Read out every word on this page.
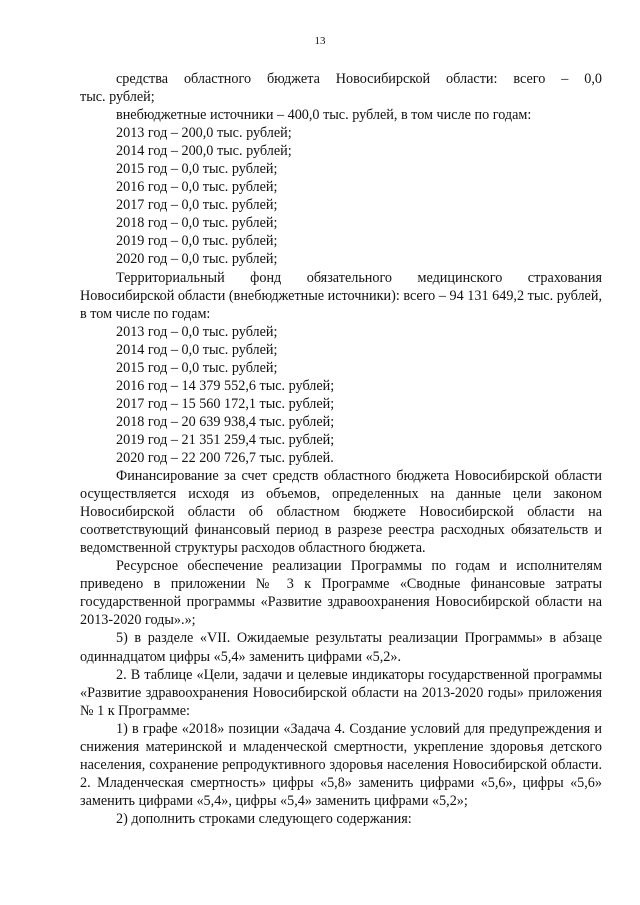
13

средства областного бюджета Новосибирской области: всего – 0,0

тыс. рублей;

внебюджетные источники – 400,0 тыс. рублей, в том числе по годам:

2013 год – 200,0 тыс. рублей;

2014 год – 200,0 тыс. рублей;

2015 год – 0,0 тыс. рублей;

2016 год – 0,0 тыс. рублей;

2017 год – 0,0 тыс. рублей;

2018 год – 0,0 тыс. рублей;

2019 год – 0,0 тыс. рублей;

2020 год – 0,0 тыс. рублей;

Территориальный фонд обязательного медицинского страхования Новосибирской области (внебюджетные источники): всего – 94 131 649,2 тыс. рублей, в том числе по годам:

2013 год – 0,0 тыс. рублей;

2014 год – 0,0 тыс. рублей;

2015 год – 0,0 тыс. рублей;

2016 год – 14 379 552,6 тыс. рублей;

2017 год – 15 560 172,1 тыс. рублей;

2018 год – 20 639 938,4 тыс. рублей;

2019 год – 21 351 259,4 тыс. рублей;

2020 год – 22 200 726,7 тыс. рублей.

Финансирование за счет средств областного бюджета Новосибирской области осуществляется исходя из объемов, определенных на данные цели законом Новосибирской области об областном бюджете Новосибирской области на соответствующий финансовый период в разрезе реестра расходных обязательств и ведомственной структуры расходов областного бюджета.

Ресурсное обеспечение реализации Программы по годам и исполнителям приведено в приложении № 3 к Программе «Сводные финансовые затраты государственной программы «Развитие здравоохранения Новосибирской области на 2013-2020 годы».»;

5) в разделе «VII. Ожидаемые результаты реализации Программы» в абзаце одиннадцатом цифры «5,4» заменить цифрами «5,2».

2. В таблице «Цели, задачи и целевые индикаторы государственной программы «Развитие здравоохранения Новосибирской области на 2013-2020 годы» приложения № 1 к Программе:

1) в графе «2018» позиции «Задача 4. Создание условий для предупреждения и снижения материнской и младенческой смертности, укрепление здоровья детского населения, сохранение репродуктивного здоровья населения Новосибирской области. 2. Младенческая смертность» цифры «5,8» заменить цифрами «5,6», цифры «5,6» заменить цифрами «5,4», цифры «5,4» заменить цифрами «5,2»;

2) дополнить строками следующего содержания:
